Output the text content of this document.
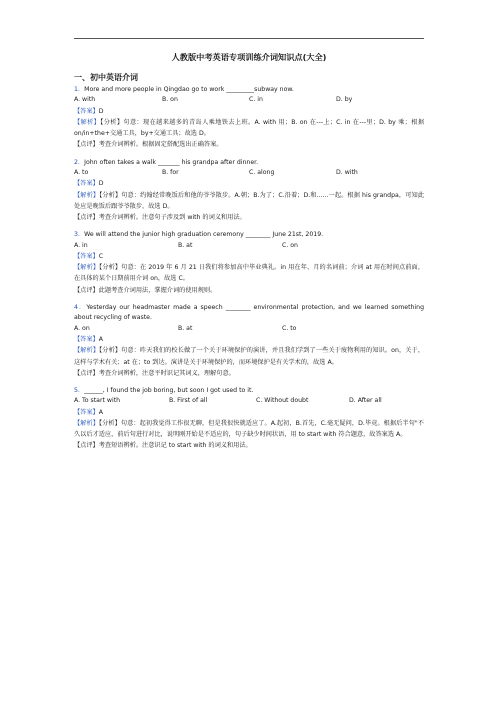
人教版中考英语专项训练介词知识点(大全)

一、初中英语介词

1．More and more people in Qingdao go to work _________subway now.

A. with	B. on	C. in	D. by

【答案】D

【解析】【分析】句意：现在越来越多的青岛人乘地铁去上班。A. with 用；B. on 在---上；C. in 在---里；D. by 乘；根据 on/in+the+交通工具，by+交通工具；故选 D。

【点评】考查介词辨析。根据固定搭配选出正确答案。

2．John often takes a walk _______ his grandpa after dinner.

A. to	B. for	C. along	D. with

【答案】D

【解析】【分析】句意：约翰经常晚饭后和他的爷爷散步。A.朝；B.为了；C.沿着；D.和......一起。根据 his grandpa，可知此处应是晚饭后跟爷爷散步，故选 D。

【点评】考查介词辨析。注意句子涉及到 with 的词义和用法。

3．We will attend the junior high graduation ceremony ________ June 21st, 2019.

A. in	B. at	C. on

【答案】C

【解析】【分析】句意：在 2019 年 6 月 21 日我们将参加高中毕业典礼。in 用在年、月的名词前；介词 at 用在时间点前面，在具体的某个日期前用介词 on，故选 C。

【点评】此题考查介词用法，掌握介词的使用规则。

4．Yesterday our headmaster made a speech ________ environmental protection, and we learned something about recycling of waste.

A. on	B. at	C. to

【答案】A

【解析】【分析】句意：昨天我们的校长做了一个关于环境保护的演讲，并且我们学到了一些关于废物利用的知识。on，关于，这样与学术有关；at 在；to 到达。演讲是关于环境保护的，而环境保护是有关学术的，故选 A。

【点评】考查介词辨析，注意平时识记其词义，理解句意。

5．______, I found the job boring, but soon I got used to it.

A. To start with	B. First of all	C. Without doubt	D. After all

【答案】A

【解析】【分析】句意：起初我觉得工作很无聊，但是我很快就适应了。A.起初，B.首先，C.毫无疑问，D.毕竟。根据后半句"不久以后才适应，前后句进行对比，说明刚开始是不适应的，句子缺少时间状语，用 to start with 符合题意，故答案选 A。

【点评】考查短语辨析。注意识记 to start with 的词义和用法。
